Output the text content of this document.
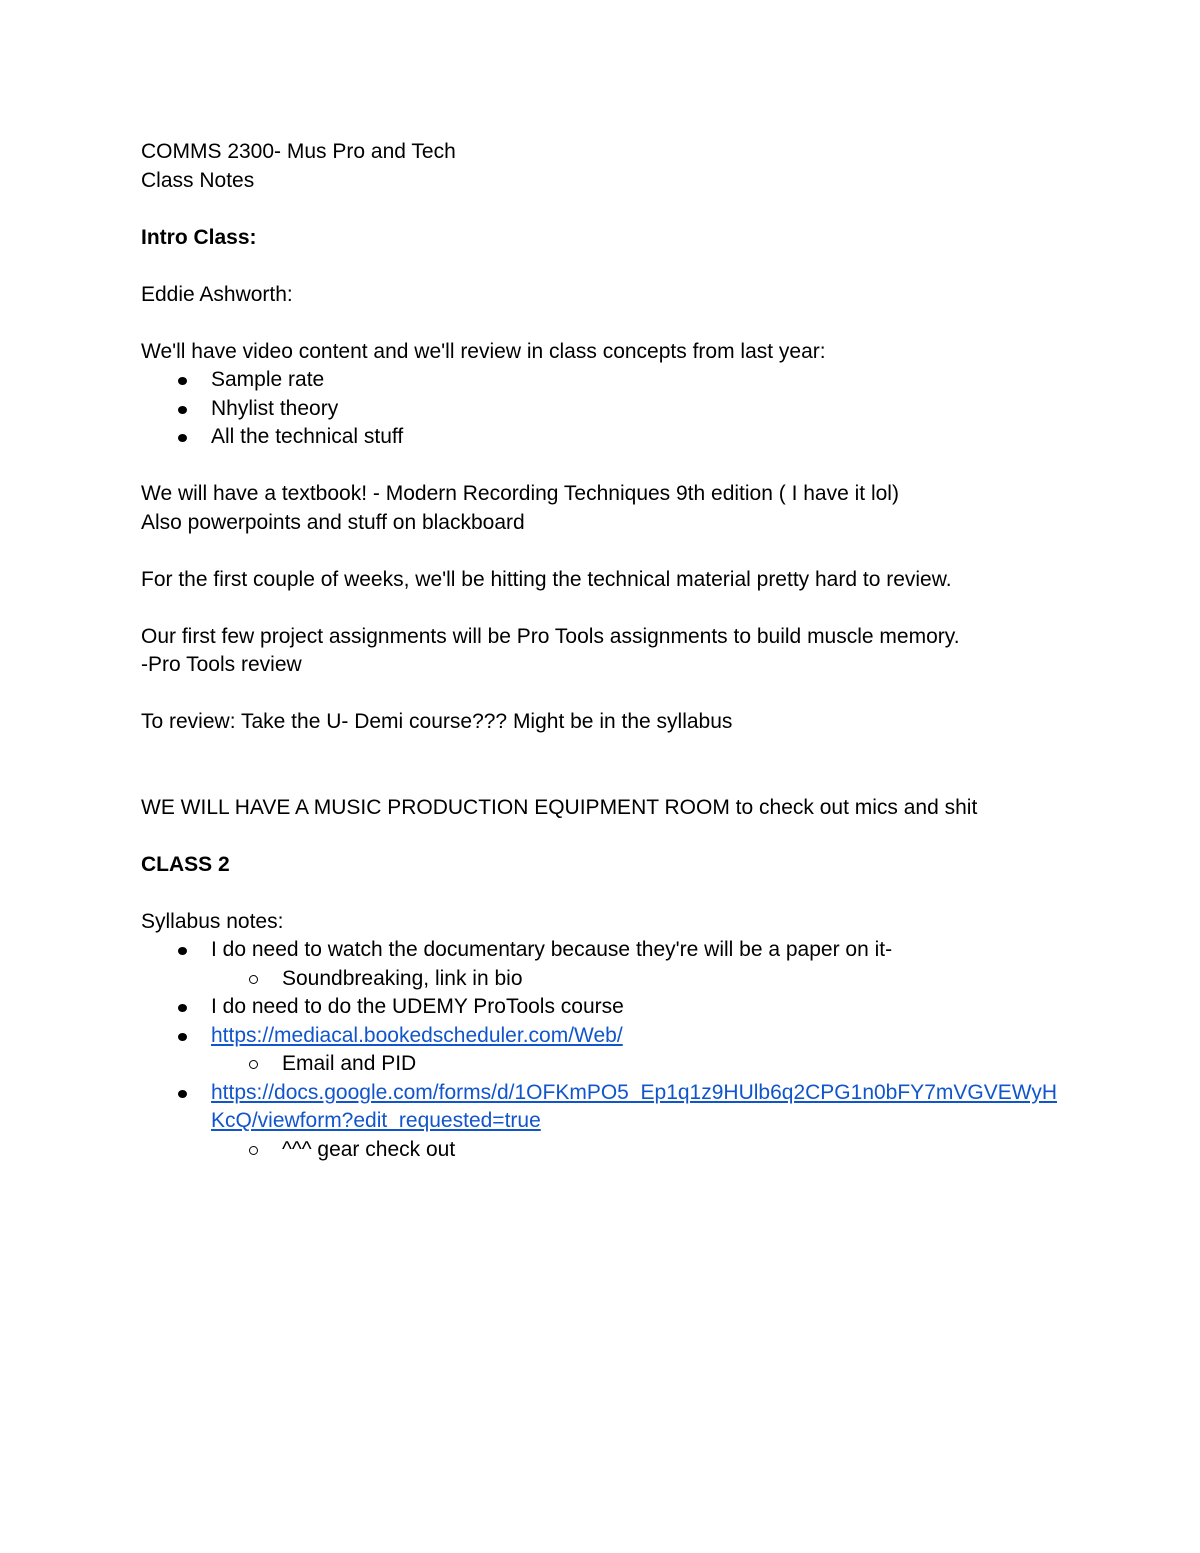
COMMS 2300- Mus Pro and Tech

Class Notes

Intro Class:

Eddie Ashworth:

We'll have video content and we'll review in class concepts from last year:

Sample rate
Nhylist theory
All the technical stuff

We will have a textbook! - Modern Recording Techniques 9th edition ( I have it lol)

Also powerpoints and stuff on blackboard

For the first couple of weeks, we'll be hitting the technical material pretty hard to review.

Our first few project assignments will be Pro Tools assignments to build muscle memory.

-Pro Tools review

To review: Take the U- Demi course??? Might be in the syllabus

WE WILL HAVE A MUSIC PRODUCTION EQUIPMENT ROOM to check out mics and shit

CLASS 2

Syllabus notes:

I do need to watch the documentary because they're will be a paper on it-
Soundbreaking, link in bio
I do need to do the UDEMY ProTools course
https://mediacal.bookedscheduler.com/Web/
Email and PID
https://docs.google.com/forms/d/1OFKmPO5_Ep1q1z9HUlb6q2CPG1n0bFY7mVGVEWyHKcQ/viewform?edit_requested=true
^^^ gear check out
